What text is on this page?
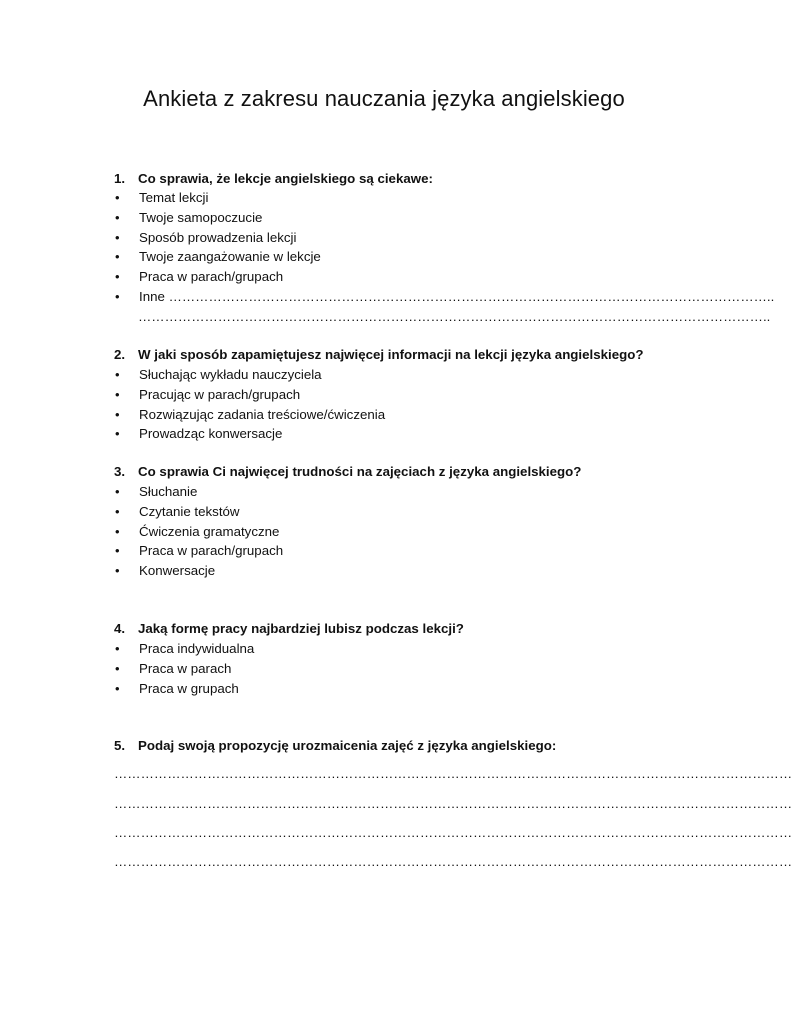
Ankieta z zakresu nauczania języka angielskiego
1. Co sprawia, że lekcje angielskiego są ciekawe:
• Temat lekcji
• Twoje samopoczucie
• Sposób prowadzenia lekcji
• Twoje zaangażowanie w lekcje
• Praca w parach/grupach
• Inne ………………………………………………………………………………………………………………………..
……………………………………………………………………………………………………………………………..
2. W jaki sposób zapamiętujesz najwięcej informacji na lekcji języka angielskiego?
• Słuchając wykładu nauczyciela
• Pracując w parach/grupach
• Rozwiązując zadania treściowe/ćwiczenia
• Prowadząc konwersacje
3. Co sprawia Ci najwięcej trudności na zajęciach z języka angielskiego?
• Słuchanie
• Czytanie tekstów
• Ćwiczenia gramatyczne
• Praca w parach/grupach
• Konwersacje
4. Jaką formę pracy najbardziej lubisz podczas lekcji?
• Praca indywidualna
• Praca w parach
• Praca w grupach
5. Podaj swoją propozycję urozmaicenia zajęć z języka angielskiego:
………………………………………………………………………………………………………………………………………
………………………………………………………………………………………………………………………………………
………………………………………………………………………………………………………………………………………
………………………………………………………………………………………………………………………………………
